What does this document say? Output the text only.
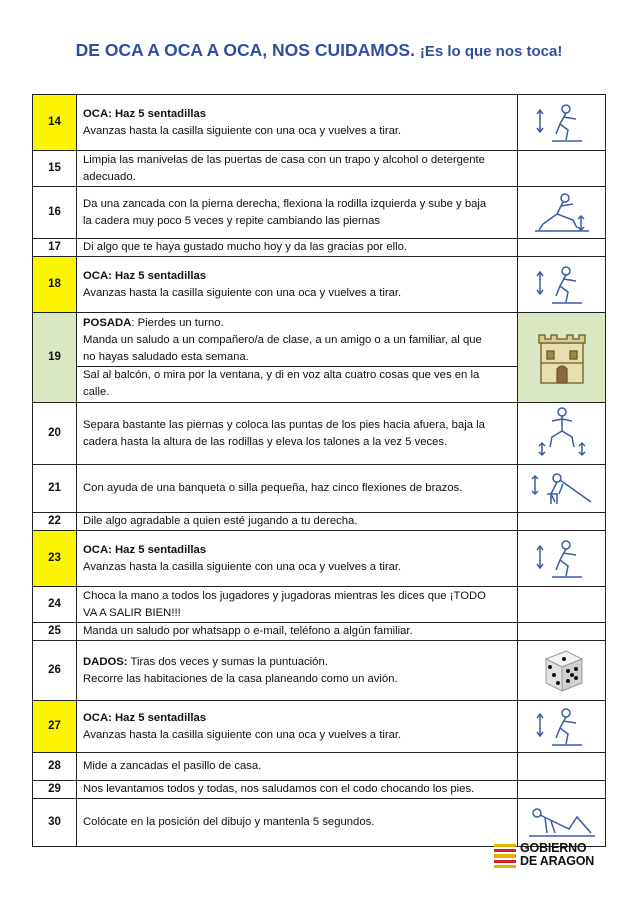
DE OCA A OCA A OCA, NOS CUIDAMOS. ¡Es lo que nos toca!
14	OCA: Haz 5 sentadillas
Avanzas hasta la casilla siguiente con una oca y vuelves a tirar.

15	Limpia las manivelas de las puertas de casa con un trapo y alcohol o detergente
adecuado.	

16	Da una zancada con la pierna derecha, flexiona la rodilla izquierda y sube y baja
la cadera muy poco 5 veces y repite cambiando las piernas

17	Di algo que te haya gustado mucho hoy y da las gracias por ello.	

18	OCA: Haz 5 sentadillas
Avanzas hasta la casilla siguiente con una oca y vuelves a tirar.

19	POSADA: Pierdes un turno.
Manda un saludo a un compañero/a de clase, a un amigo o a un familiar, al que
no hayas saludado esta semana.
Sal al balcón, o mira por la ventana, y di en voz alta cuatro cosas que ves en la
calle.

20	Separa bastante las piernas y coloca las puntas de los pies hacia afuera, baja la
cadera hasta la altura de las rodillas y eleva los talones a la vez 5 veces.

21	Con ayuda de una banqueta o silla pequeña, haz cinco flexiones de brazos.

22	Dile algo agradable a quien esté jugando a tu derecha.	

23	OCA: Haz 5 sentadillas
Avanzas hasta la casilla siguiente con una oca y vuelves a tirar.

24	Choca la mano a todos los jugadores y jugadoras mientras les dices que ¡TODO
VA A SALIR BIEN!!!	

25	Manda un saludo por whatsapp o e-mail, teléfono a algún familiar.	

26	DADOS: Tiras dos veces y sumas la puntuación.
Recorre las habitaciones de la casa planeando como un avión.

27	OCA: Haz 5 sentadillas
Avanzas hasta la casilla siguiente con una oca y vuelves a tirar.

28	Mide a zancadas el pasillo de casa.	

29	Nos levantamos todos y todas, nos saludamos con el codo chocando los pies.	

30	Colócate en la posición del dibujo y mantenla 5 segundos.

GOBIERNO
DE ARAGON
